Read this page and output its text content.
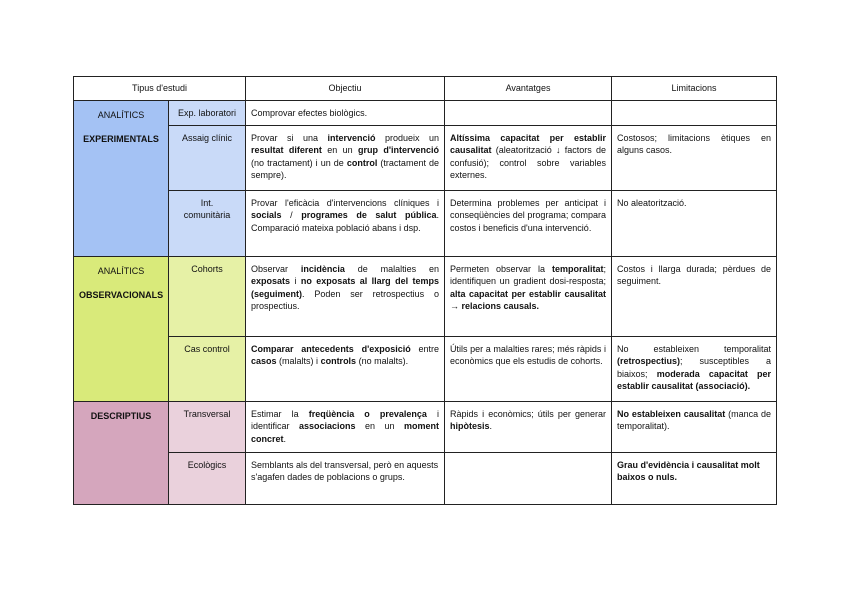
Tipus d'estudi		Objectiu	Avantatges	Limitacions

ANALÍTICS
EXPERIMENTALS	Exp. laboratori	Comprovar efectes biològics.		
	Assaig clínic	Provar si una intervenció produeix un resultat diferent en un grup d'intervenció (no tractament) i un de control (tractament de sempre).	Altíssima capacitat per establir causalitat (aleatorització ↓ factors de confusió); control sobre variables externes.	Costosos; limitacions ètiques en alguns casos.

	Int.
comunitària	Provar l'eficàcia d'intervencions clíniques i socials / programes de salut pública. Comparació mateixa població abans i dsp.	Determina problemes per anticipat i conseqüències del programa; compara costos i beneficis d'una intervenció.	No aleatorització.

ANALÍTICS
OBSERVACIONALS	Cohorts	Observar incidència de malalties en exposats i no exposats al llarg del temps (seguiment). Poden ser retrospectius o prospectius.	Permeten observar la temporalitat; identifiquen un gradient dosi-resposta; alta capacitat per establir causalitat → relacions causals.	Costos i llarga durada; pèrdues de seguiment.
	Cas control	Comparar antecedents d'exposició entre casos (malalts) i controls (no malalts).	Útils per a malalties rares; més ràpids i econòmics que els estudis de cohorts.	No estableixen temporalitat (retrospectius); susceptibles a biaixos; moderada capacitat per establir causalitat (associació).

DESCRIPTIUS	Transversal	Estimar la freqüència o prevalença i identificar associacions en un moment concret.	Ràpids i econòmics; útils per generar hipòtesis.	No estableixen causalitat (manca de temporalitat).
	Ecològics	Semblants als del transversal, però en aquests s'agafen dades de poblacions o grups.		Grau d'evidència i causalitat molt baixos o nuls.
